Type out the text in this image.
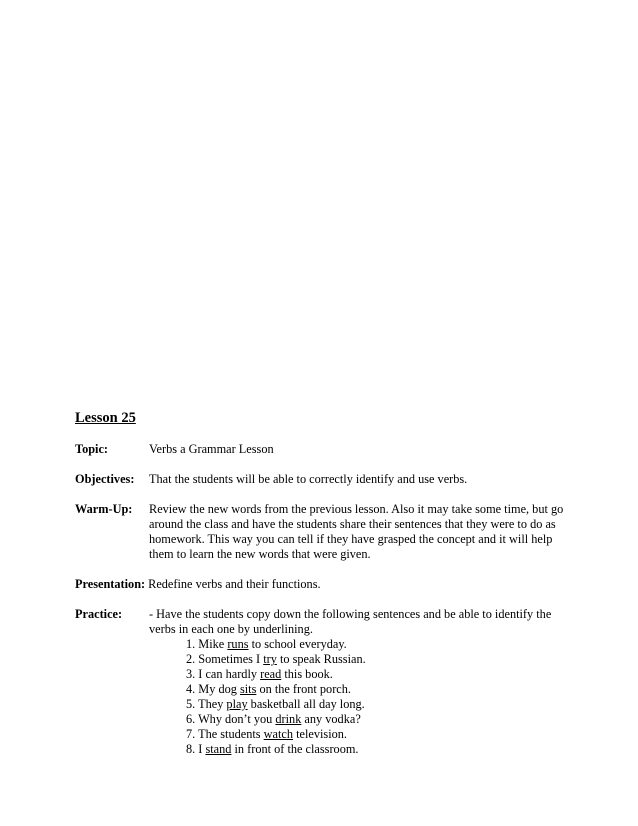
Lesson 25
Topic:	Verbs a Grammar Lesson
Objectives:	That the students will be able to correctly identify and use verbs.
Warm-Up:	Review the new words from the previous lesson. Also it may take some time, but go around the class and have the students share their sentences that they were to do as homework. This way you can tell if they have grasped the concept and it will help them to learn the new words that were given.
Presentation: Redefine verbs and their functions.
Practice:	- Have the students copy down the following sentences and be able to identify the verbs in each one by underlining.
1. Mike runs to school everyday.
2. Sometimes I try to speak Russian.
3. I can hardly read this book.
4. My dog sits on the front porch.
5. They play basketball all day long.
6. Why don’t you drink any vodka?
7. The students watch television.
8. I stand in front of the classroom.
